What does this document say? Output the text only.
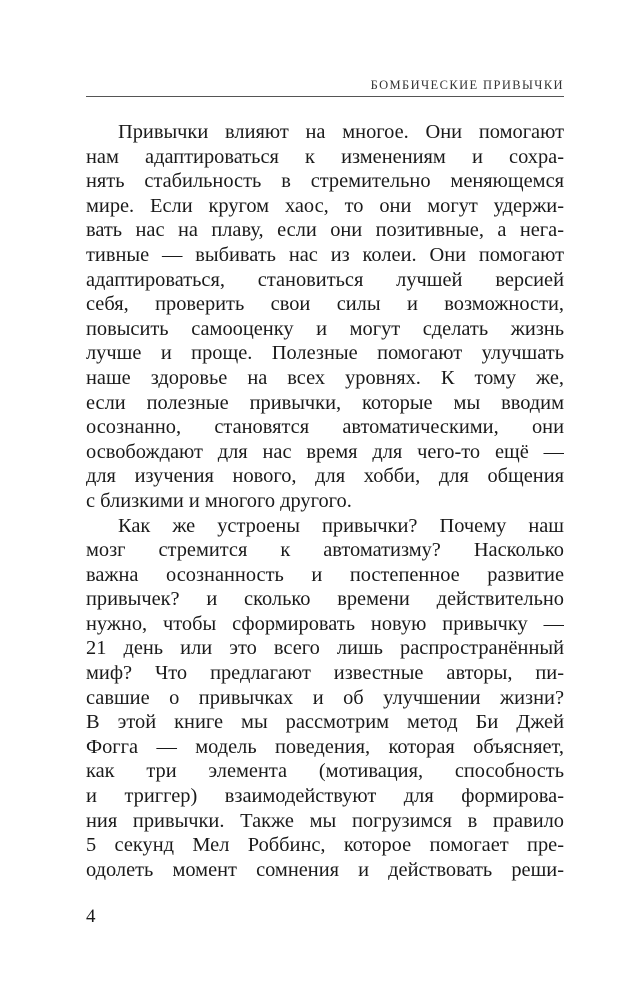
БОМБИЧЕСКИЕ ПРИВЫЧКИ
Привычки влияют на многое. Они помогают
нам адаптироваться к изменениям и сохра-
нять стабильность в стремительно меняющемся
мире. Если кругом хаос, то они могут удержи-
вать нас на плаву, если они позитивные, а нега-
тивные — выбивать нас из колеи. Они помогают
адаптироваться, становиться лучшей версией
себя, проверить свои силы и возможности,
повысить самооценку и могут сделать жизнь
лучше и проще. Полезные помогают улучшать
наше здоровье на всех уровнях. К тому же,
если полезные привычки, которые мы вводим
осознанно, становятся автоматическими, они
освобождают для нас время для чего-то ещё —
для изучения нового, для хобби, для общения
с близкими и многого другого.
Как же устроены привычки? Почему наш
мозг стремится к автоматизму? Насколько
важна осознанность и постепенное развитие
привычек? и сколько времени действительно
нужно, чтобы сформировать новую привычку —
21 день или это всего лишь распространённый
миф? Что предлагают известные авторы, пи-
савшие о привычках и об улучшении жизни?
В этой книге мы рассмотрим метод Би Джей
Фогга — модель поведения, которая объясняет,
как три элемента (мотивация, способность
и триггер) взаимодействуют для формирова-
ния привычки. Также мы погрузимся в правило
5 секунд Мел Роббинс, которое помогает пре-
одолеть момент сомнения и действовать реши-
4
